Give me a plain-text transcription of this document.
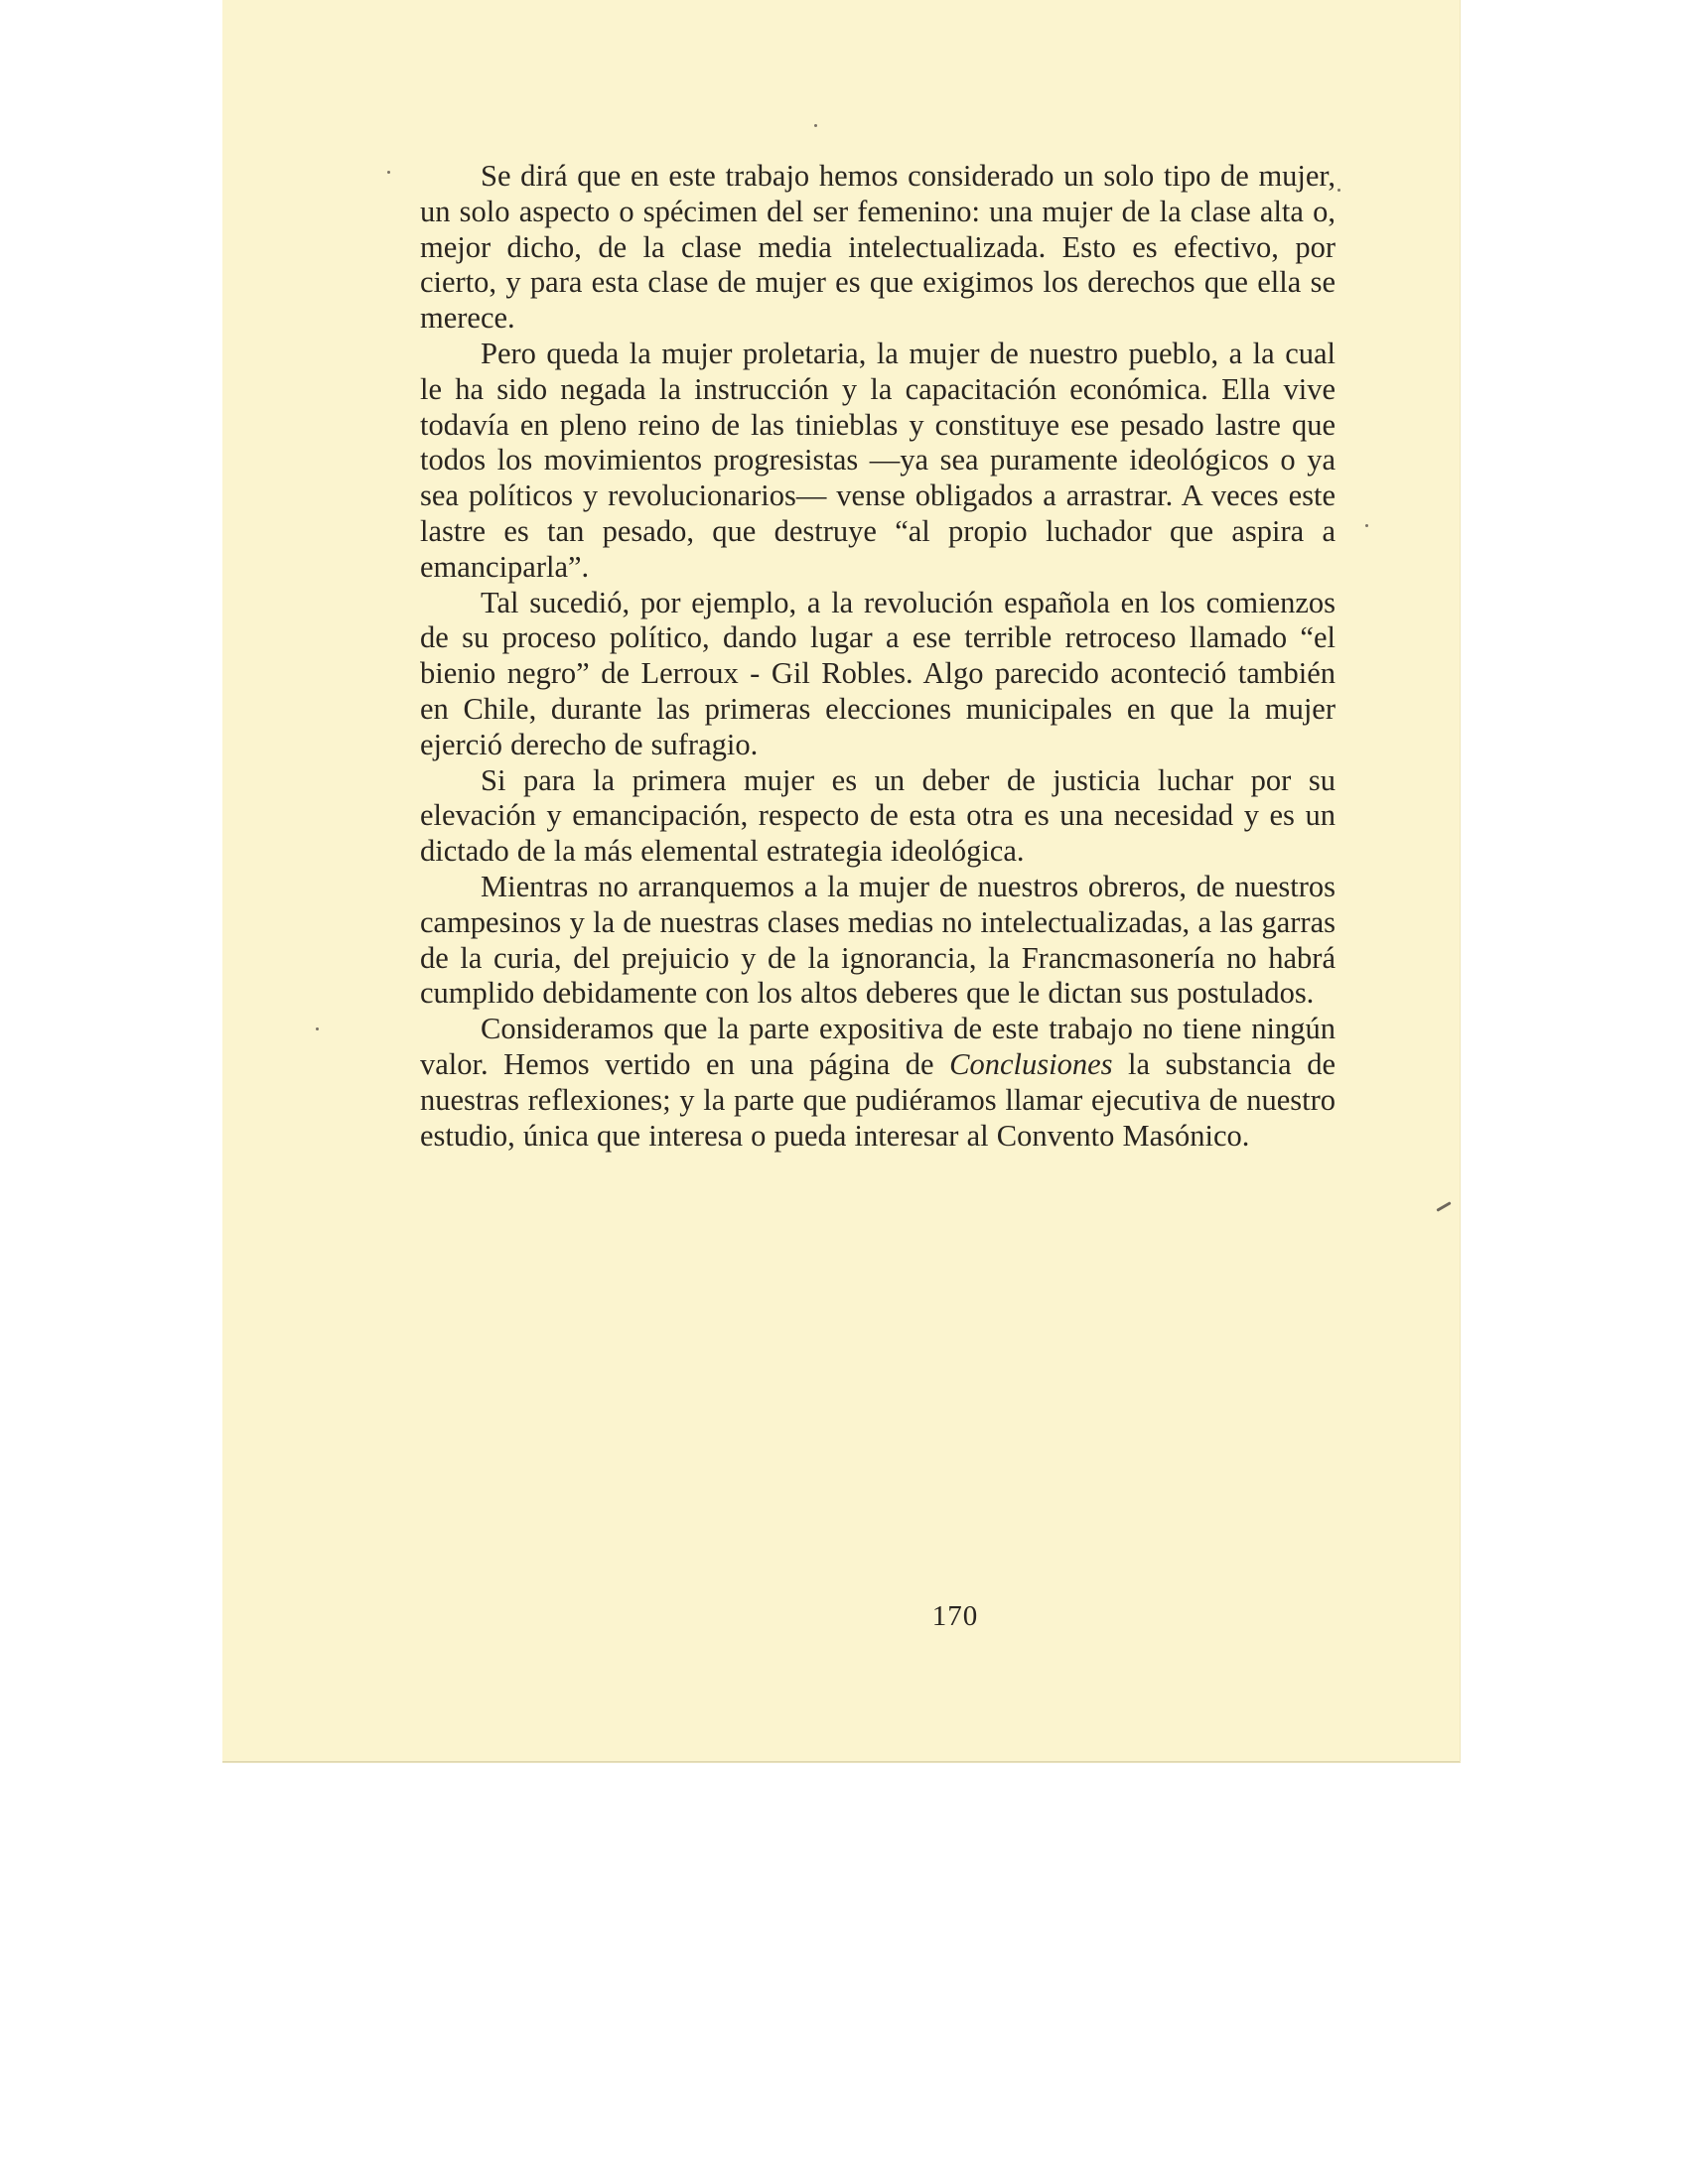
Se dirá que en este trabajo hemos considerado un solo tipo de mujer, un solo aspecto o spécimen del ser femenino: una mujer de la clase alta o, mejor dicho, de la clase media intelectualizada. Esto es efectivo, por cierto, y para esta clase de mujer es que exigimos los derechos que ella se merece.

Pero queda la mujer proletaria, la mujer de nuestro pueblo, a la cual le ha sido negada la instrucción y la capacitación económica. Ella vive todavía en pleno reino de las tinieblas y constituye ese pesado lastre que todos los movimientos progresistas —ya sea puramente ideológicos o ya sea políticos y revolucionarios— vense obligados a arrastrar. A veces este lastre es tan pesado, que destruye “al propio luchador que aspira a emanciparla”.

Tal sucedió, por ejemplo, a la revolución española en los comienzos de su proceso político, dando lugar a ese terrible retroceso llamado “el bienio negro” de Lerroux - Gil Robles. Algo parecido aconteció también en Chile, durante las primeras elecciones municipales en que la mujer ejerció derecho de sufragio.

Si para la primera mujer es un deber de justicia luchar por su elevación y emancipación, respecto de esta otra es una necesidad y es un dictado de la más elemental estrategia ideológica.

Mientras no arranquemos a la mujer de nuestros obreros, de nuestros campesinos y la de nuestras clases medias no intelectualizadas, a las garras de la curia, del prejuicio y de la ignorancia, la Francmasonería no habrá cumplido debidamente con los altos deberes que le dictan sus postulados.

Consideramos que la parte expositiva de este trabajo no tiene ningún valor. Hemos vertido en una página de Conclusiones la substancia de nuestras reflexiones; y la parte que pudiéramos llamar ejecutiva de nuestro estudio, única que interesa o pueda interesar al Convento Masónico.

170
